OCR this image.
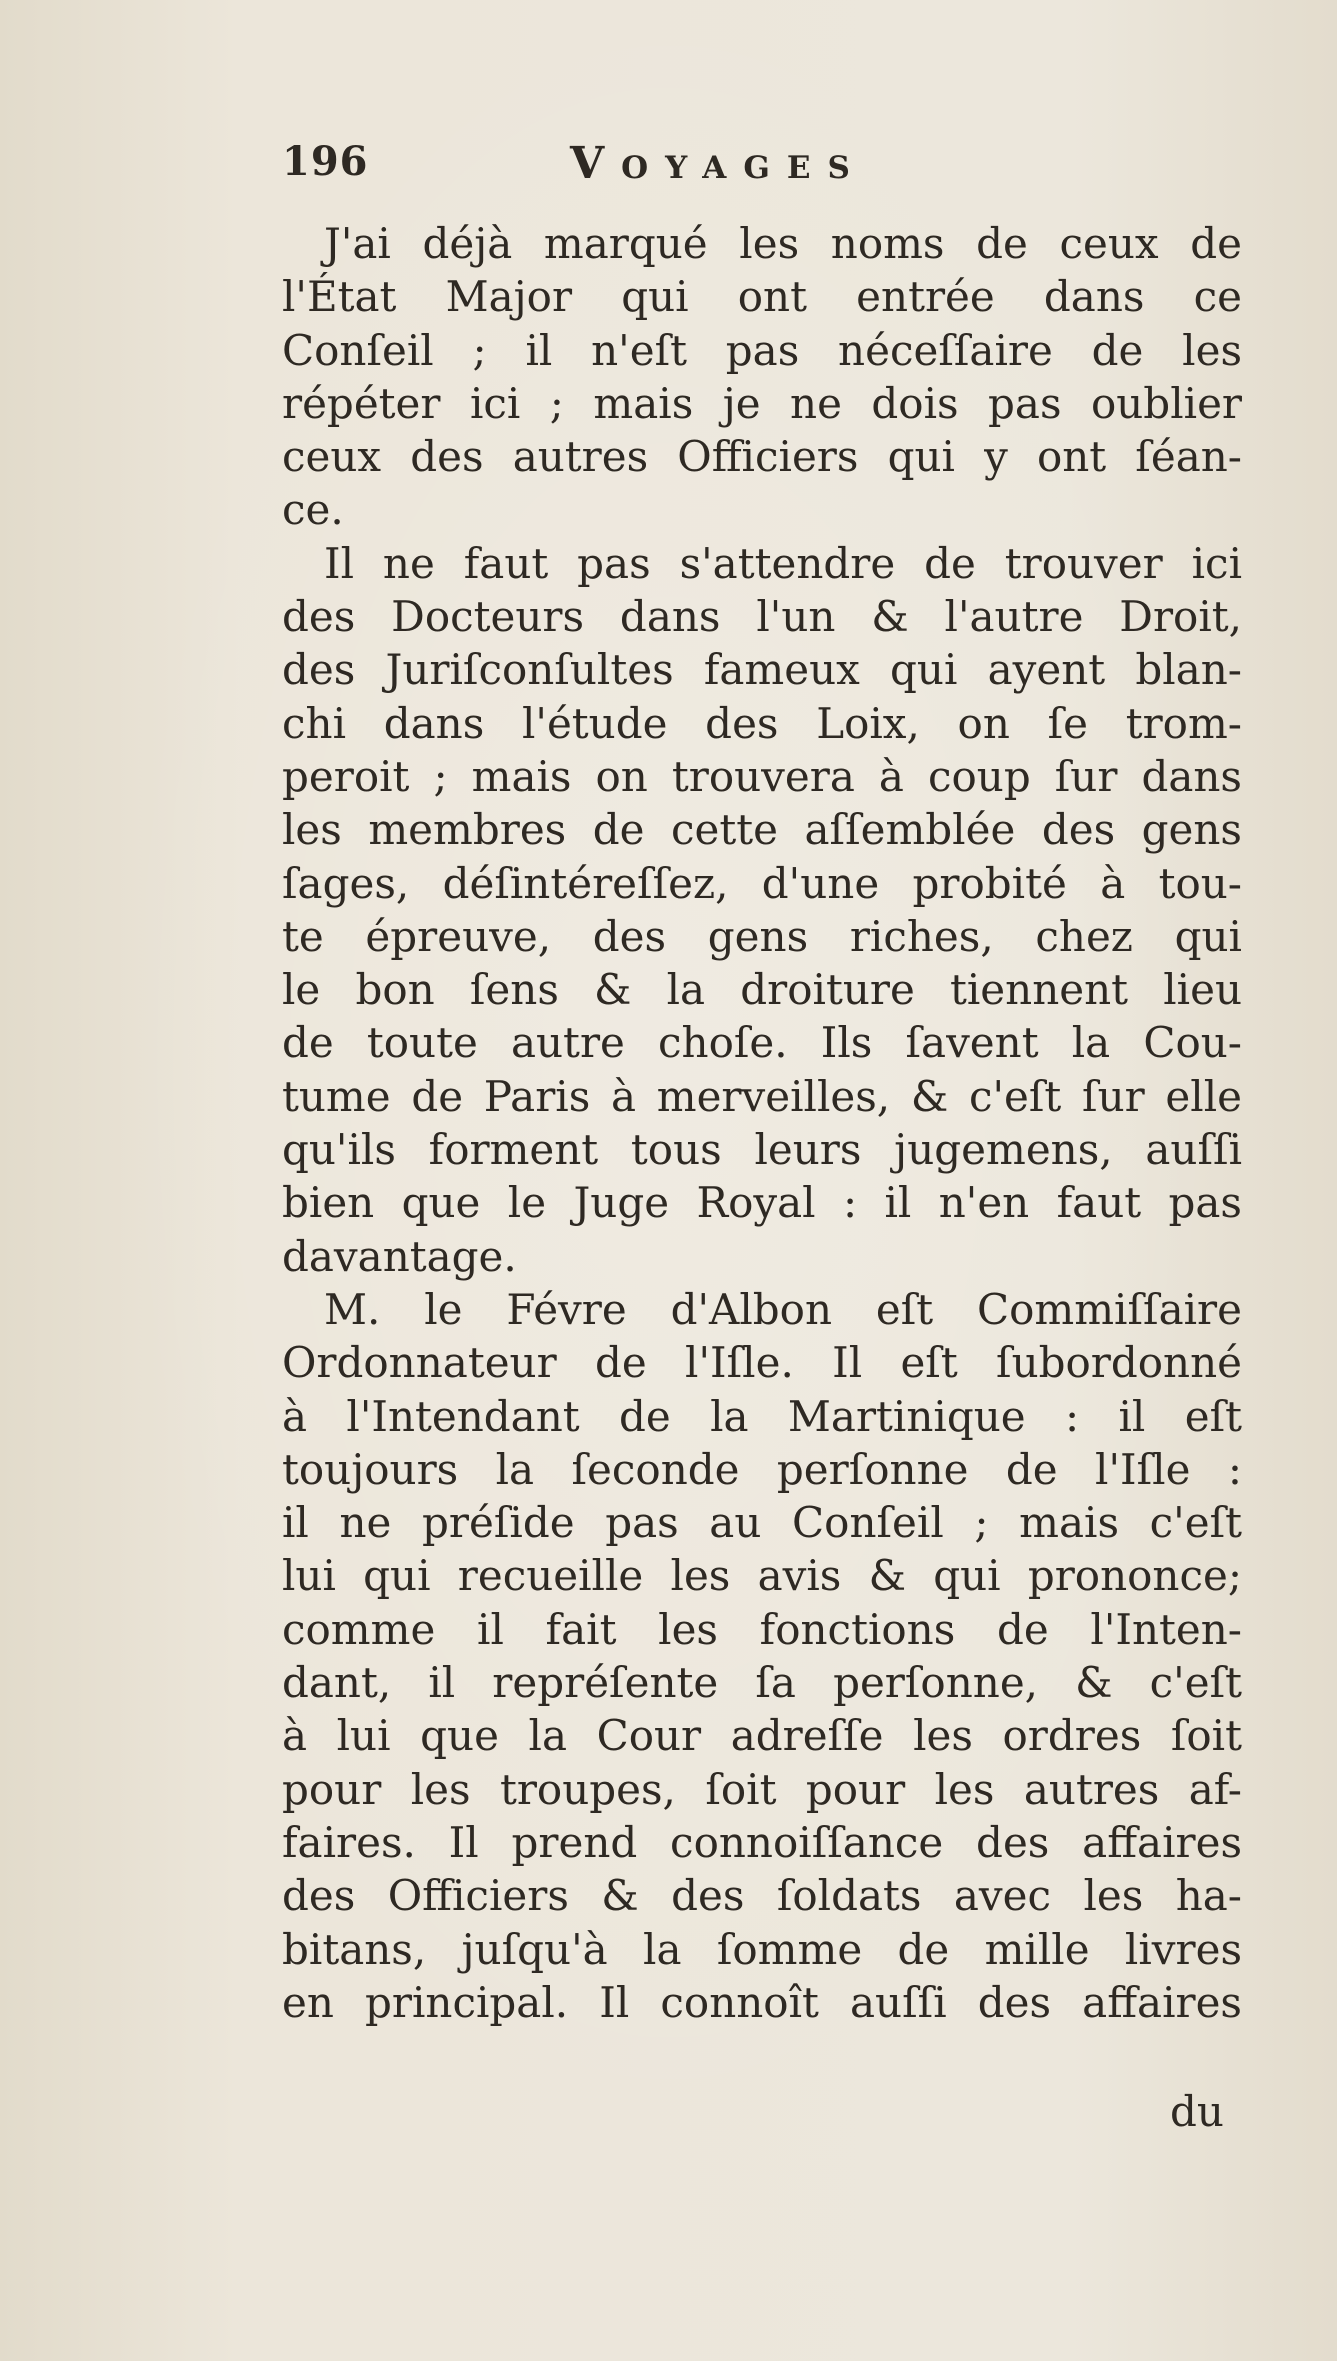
196	Voyages
J'ai déjà marqué les noms de ceux de
l'État Major qui ont entrée dans ce
Conſeil ; il n'eſt pas néceſſaire de les
répéter ici ; mais je ne dois pas oublier
ceux des autres Officiers qui y ont ſéan-
ce.
Il ne faut pas s'attendre de trouver ici
des Docteurs dans l'un & l'autre Droit,
des Juriſconſultes fameux qui ayent blan-
chi dans l'étude des Loix, on ſe trom-
peroit ; mais on trouvera à coup ſur dans
les membres de cette aſſemblée des gens
ſages, déſintéreſſez, d'une probité à tou-
te épreuve, des gens riches, chez qui
le bon ſens & la droiture tiennent lieu
de toute autre choſe. Ils ſavent la Cou-
tume de Paris à merveilles, & c'eſt ſur elle
qu'ils forment tous leurs jugemens, auſſi
bien que le Juge Royal : il n'en faut pas
davantage.
M. le Févre d'Albon eſt Commiſſaire
Ordonnateur de l'Iſle. Il eſt ſubordonné
à l'Intendant de la Martinique : il eſt
toujours la ſeconde perſonne de l'Iſle :
il ne préſide pas au Conſeil ; mais c'eſt
lui qui recueille les avis & qui prononce;
comme il fait les fonctions de l'Inten-
dant, il repréſente ſa perſonne, & c'eſt
à lui que la Cour adreſſe les ordres ſoit
pour les troupes, ſoit pour les autres af-
faires. Il prend connoiſſance des affaires
des Officiers & des ſoldats avec les ha-
bitans, juſqu'à la ſomme de mille livres
en principal. Il connoît auſſi des affaires
du
